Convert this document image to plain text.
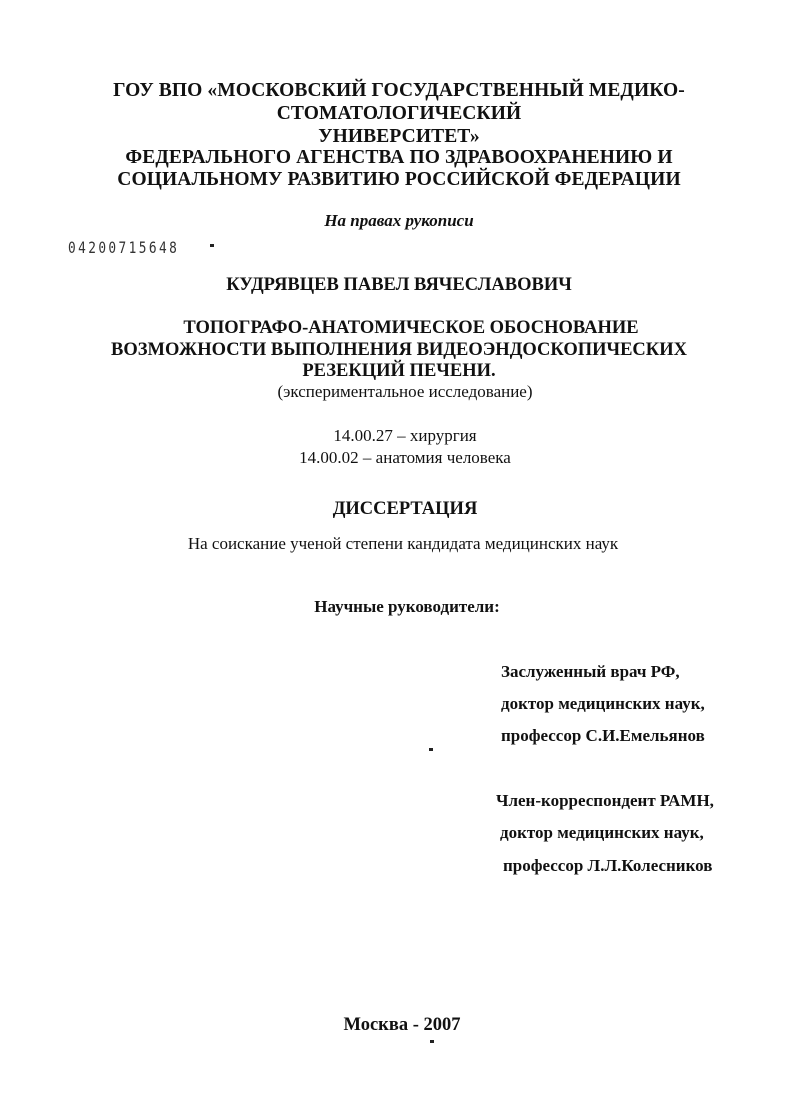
ГОУ ВПО «МОСКОВСКИЙ ГОСУДАРСТВЕННЫЙ МЕДИКО-
СТОМАТОЛОГИЧЕСКИЙ
УНИВЕРСИТЕТ»
ФЕДЕРАЛЬНОГО АГЕНСТВА ПО ЗДРАВООХРАНЕНИЮ И
СОЦИАЛЬНОМУ РАЗВИТИЮ РОССИЙСКОЙ ФЕДЕРАЦИИ
На правах рукописи
04200715648
КУДРЯВЦЕВ ПАВЕЛ ВЯЧЕСЛАВОВИЧ
ТОПОГРАФО-АНАТОМИЧЕСКОЕ ОБОСНОВАНИЕ
ВОЗМОЖНОСТИ ВЫПОЛНЕНИЯ ВИДЕОЭНДОСКОПИЧЕСКИХ
РЕЗЕКЦИЙ ПЕЧЕНИ.
(экспериментальное исследование)
14.00.27 – хирургия
14.00.02 – анатомия человека
ДИССЕРТАЦИЯ
На соискание ученой степени кандидата медицинских наук
Научные руководители:
Заслуженный врач РФ,
доктор медицинских наук,
профессор С.И.Емельянов
Член-корреспондент РАМН,
доктор медицинских наук,
профессор Л.Л.Колесников
Москва - 2007
